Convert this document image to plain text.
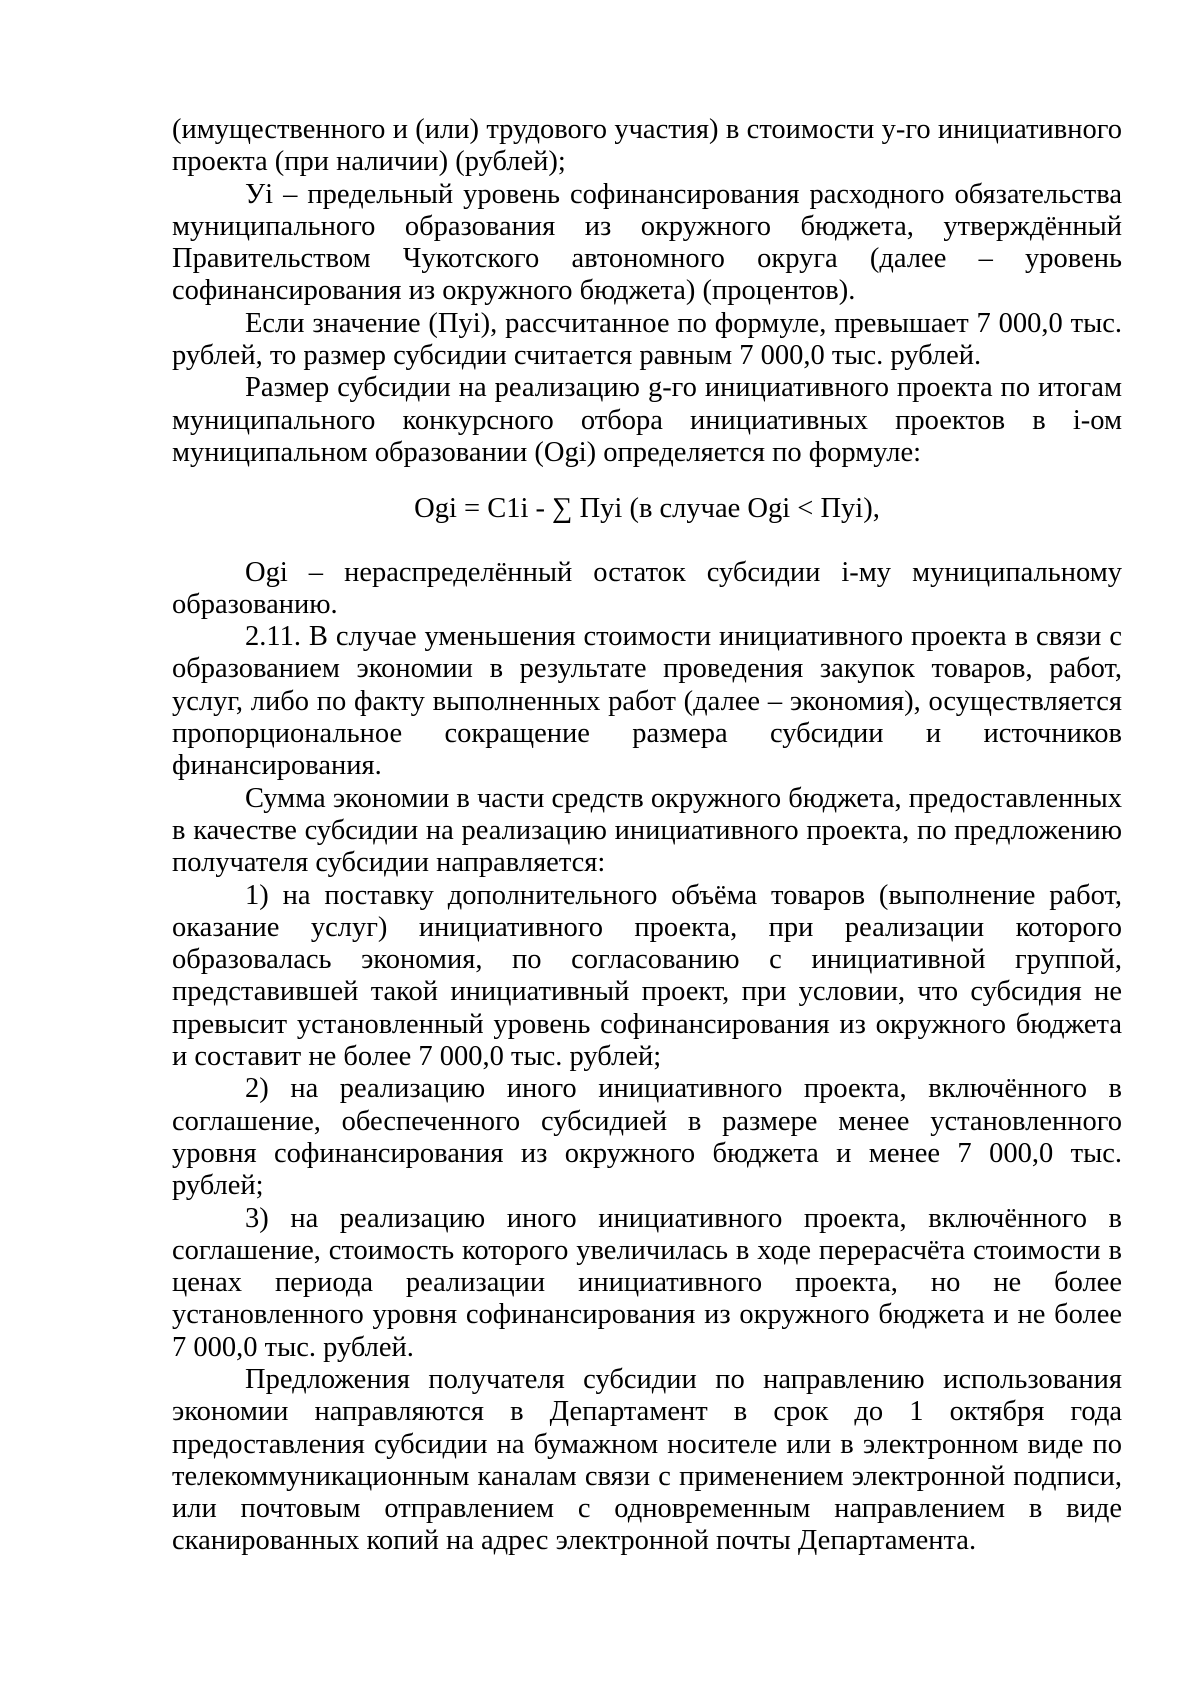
(имущественного и (или) трудового участия) в стоимости y-го инициативного проекта (при наличии) (рублей);

Уi – предельный уровень софинансирования расходного обязательства муниципального образования из окружного бюджета, утверждённый Правительством Чукотского автономного округа (далее – уровень софинансирования из окружного бюджета) (процентов).

Если значение (Пуi), рассчитанное по формуле, превышает 7 000,0 тыс. рублей, то размер субсидии считается равным 7 000,0 тыс. рублей.

Размер субсидии на реализацию g-го инициативного проекта по итогам муниципального конкурсного отбора инициативных проектов в i-ом муниципальном образовании (Ogi) определяется по формуле:

Ogi = C1i - ∑ Пуi (в случае Ogi < Пуi),

Ogi – нераспределённый остаток субсидии i-му муниципальному образованию.

2.11. В случае уменьшения стоимости инициативного проекта в связи с образованием экономии в результате проведения закупок товаров, работ, услуг, либо по факту выполненных работ (далее – экономия), осуществляется пропорциональное сокращение размера субсидии и источников финансирования.

Сумма экономии в части средств окружного бюджета, предоставленных в качестве субсидии на реализацию инициативного проекта, по предложению получателя субсидии направляется:

1) на поставку дополнительного объёма товаров (выполнение работ, оказание услуг) инициативного проекта, при реализации которого образовалась экономия, по согласованию с инициативной группой, представившей такой инициативный проект, при условии, что субсидия не превысит установленный уровень софинансирования из окружного бюджета и составит не более 7 000,0 тыс. рублей;

2) на реализацию иного инициативного проекта, включённого в соглашение, обеспеченного субсидией в размере менее установленного уровня софинансирования из окружного бюджета и менее 7 000,0 тыс. рублей;

3) на реализацию иного инициативного проекта, включённого в соглашение, стоимость которого увеличилась в ходе перерасчёта стоимости в ценах периода реализации инициативного проекта, но не более установленного уровня софинансирования из окружного бюджета и не более 7 000,0 тыс. рублей.

Предложения получателя субсидии по направлению использования экономии направляются в Департамент в срок до 1 октября года предоставления субсидии на бумажном носителе или в электронном виде по телекоммуникационным каналам связи с применением электронной подписи, или почтовым отправлением с одновременным направлением в виде сканированных копий на адрес электронной почты Департамента.
